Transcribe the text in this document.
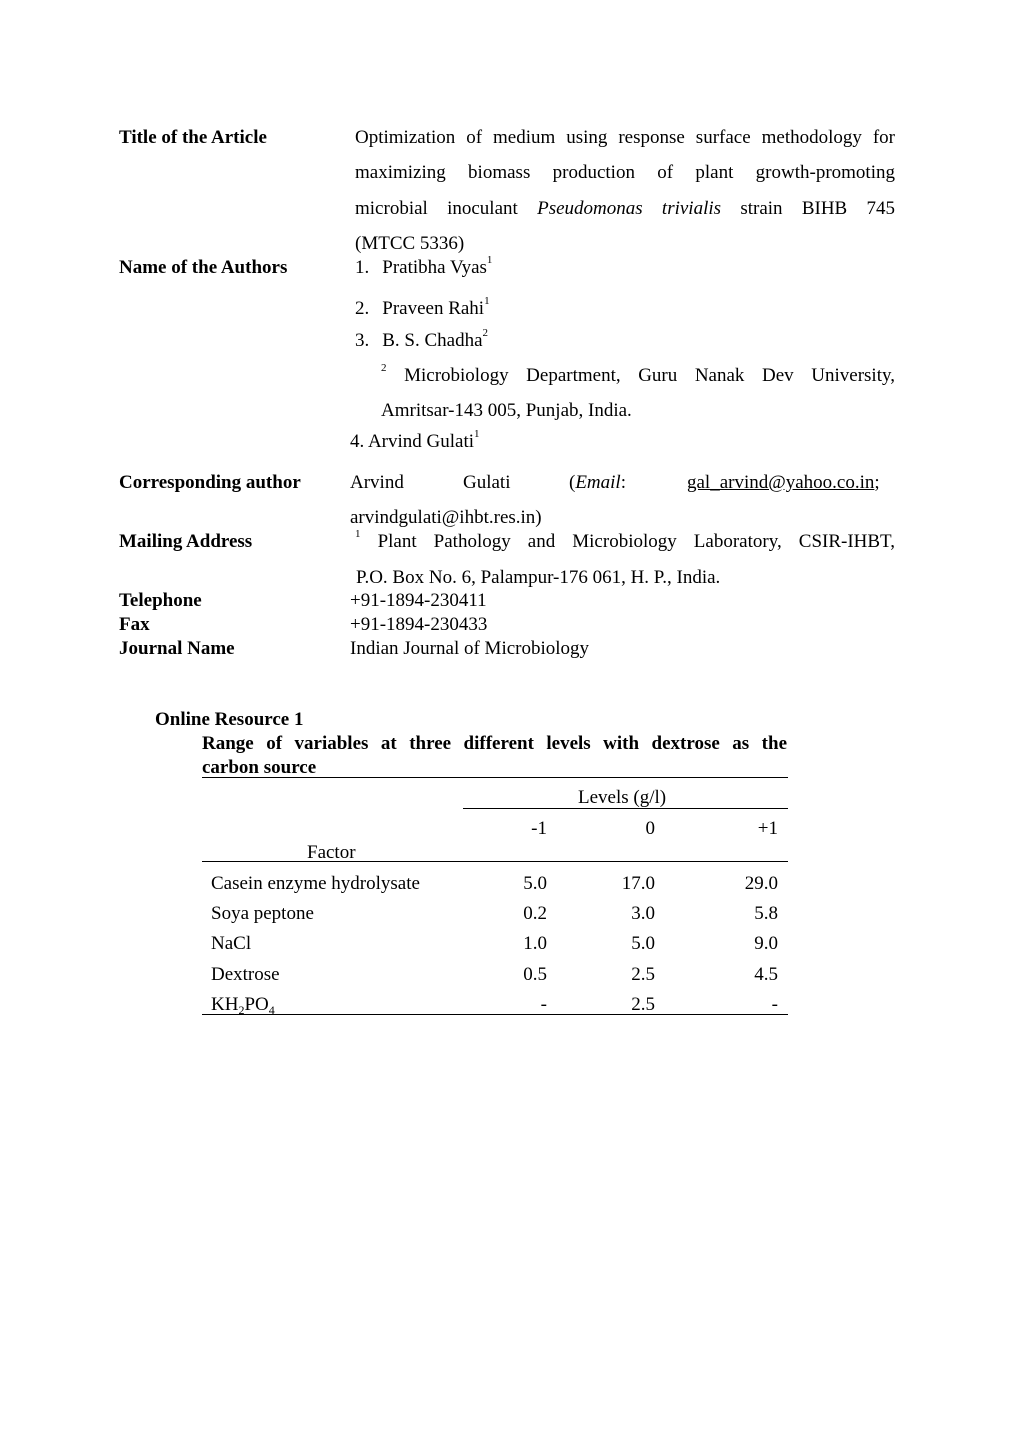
Title of the Article	Optimization of medium using response surface methodology for
maximizing biomass production of plant growth-promoting
microbial inoculant Pseudomonas trivialis strain BIHB 745
(MTCC 5336)
Name of the Authors	1. Pratibha Vyas$^1$
2. Praveen Rahi$^1$
3. B. S. Chadha$^2$
$^2$ Microbiology Department, Guru Nanak Dev University,
Amritsar-143 005, Punjab, India.
4. Arvind Gulati$^1$
Corresponding author	Arvind	Gulati	(Email:	gal_arvind@yahoo.co.in;
arvindgulati@ihbt.res.in)
Mailing Address	$^1$ Plant Pathology and Microbiology Laboratory, CSIR-IHBT,
P.O. Box No. 6, Palampur-176 061, H. P., India.
Telephone	+91-1894-230411
Fax	+91-1894-230433
Journal Name	Indian Journal of Microbiology
Online Resource 1
Range of variables at three different levels with dextrose as the
carbon source
Levels (g/l)
-1	0	+1
Factor
Casein enzyme hydrolysate	5.0	17.0	29.0
Soya peptone	0.2	3.0	5.8
NaCl	1.0	5.0	9.0
Dextrose	0.5	2.5	4.5
$KH_2PO_4$	-	2.5	-
